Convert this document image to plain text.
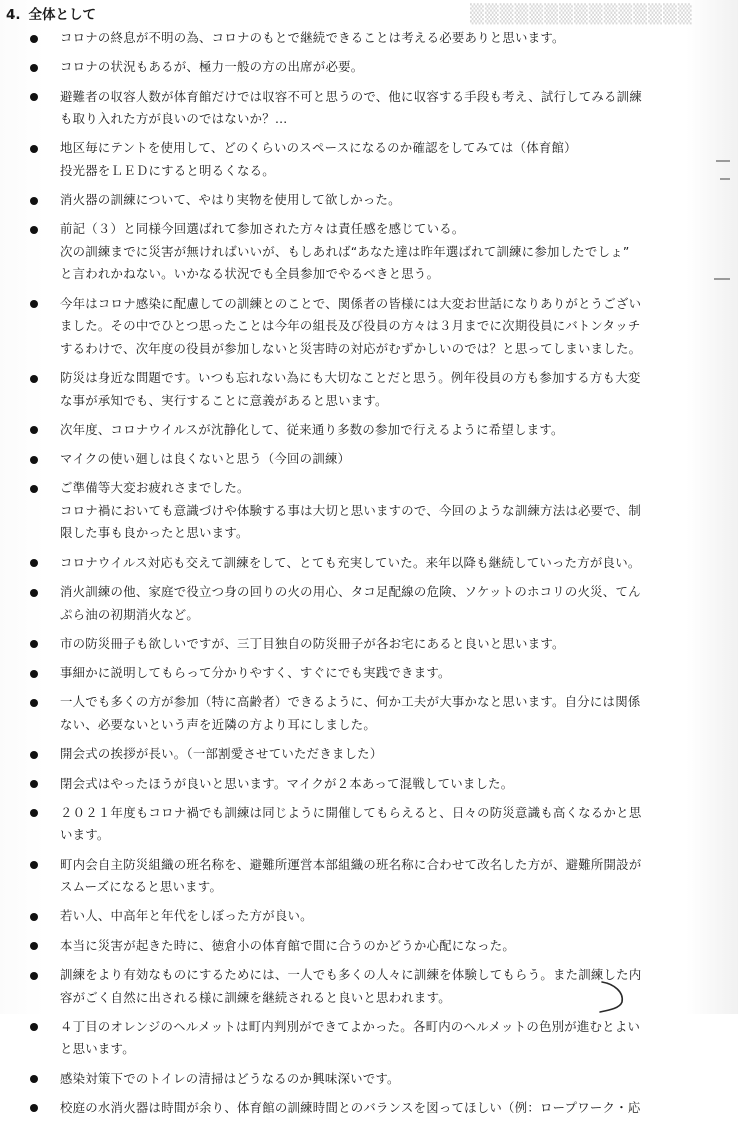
▒▒▒▒▒▒▒▒▒▒▒▒▒▒▒
4. 全体として
コロナの終息が不明の為、コロナのもとで継続できることは考える必要ありと思います。
コロナの状況もあるが、極力一般の方の出席が必要。
避難者の収容人数が体育館だけでは収容不可と思うので、他に収容する手段も考え、試行してみる訓練
も取り入れた方が良いのではないか？…
地区毎にテントを使用して、どのくらいのスペースになるのか確認をしてみては（体育館）
投光器をＬＥＤにすると明るくなる。
消火器の訓練について、やはり実物を使用して欲しかった。
前記（３）と同様今回選ばれて参加された方々は責任感を感じている。
次の訓練までに災害が無ければいいが、もしあれば“あなた達は昨年選ばれて訓練に参加したでしょ”
と言われかねない。いかなる状況でも全員参加でやるべきと思う。
今年はコロナ感染に配慮しての訓練とのことで、関係者の皆様には大変お世話になりありがとうござい
ました。その中でひとつ思ったことは今年の組長及び役員の方々は３月までに次期役員にバトンタッチ
するわけで、次年度の役員が参加しないと災害時の対応がむずかしいのでは？と思ってしまいました。
防災は身近な問題です。いつも忘れない為にも大切なことだと思う。例年役員の方も参加する方も大変
な事が承知でも、実行することに意義があると思います。
次年度、コロナウイルスが沈静化して、従来通り多数の参加で行えるように希望します。
マイクの使い廻しは良くないと思う（今回の訓練）
ご準備等大変お疲れさまでした。
コロナ禍においても意識づけや体験する事は大切と思いますので、今回のような訓練方法は必要で、制
限した事も良かったと思います。
コロナウイルス対応も交えて訓練をして、とても充実していた。来年以降も継続していった方が良い。
消火訓練の他、家庭で役立つ身の回りの火の用心、タコ足配線の危険、ソケットのホコリの火災、てん
ぷら油の初期消火など。
市の防災冊子も欲しいですが、三丁目独自の防災冊子が各お宅にあると良いと思います。
事細かに説明してもらって分かりやすく、すぐにでも実践できます。
一人でも多くの方が参加（特に高齢者）できるように、何か工夫が大事かなと思います。自分には関係
ない、必要ないという声を近隣の方より耳にしました。
開会式の挨拶が長い。（一部割愛させていただきました）
閉会式はやったほうが良いと思います。マイクが２本あって混戦していました。
２０２１年度もコロナ禍でも訓練は同じように開催してもらえると、日々の防災意識も高くなるかと思
います。
町内会自主防災組織の班名称を、避難所運営本部組織の班名称に合わせて改名した方が、避難所開設が
スムーズになると思います。
若い人、中高年と年代をしぼった方が良い。
本当に災害が起きた時に、徳倉小の体育館で間に合うのかどうか心配になった。
訓練をより有効なものにするためには、一人でも多くの人々に訓練を体験してもらう。また訓練した内
容がごく自然に出される様に訓練を継続されると良いと思われます。
４丁目のオレンジのヘルメットは町内判別ができてよかった。各町内のヘルメットの色別が進むとよい
と思います。
感染対策下でのトイレの清掃はどうなるのか興味深いです。
校庭の水消火器は時間が余り、体育館の訓練時間とのバランスを図ってほしい（例：ロープワーク・応
